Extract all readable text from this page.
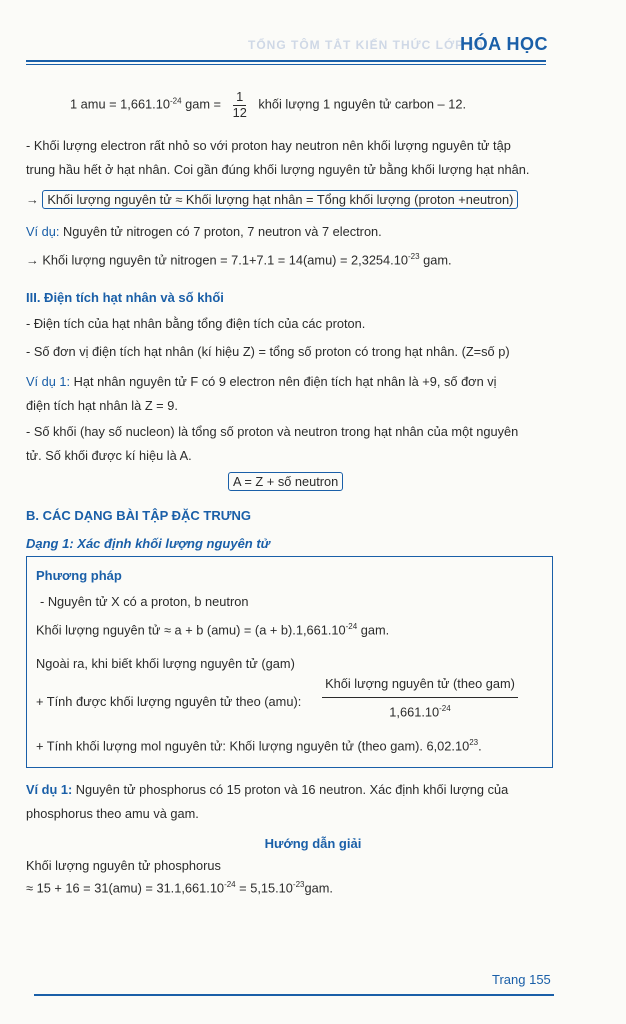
TỔNG TÔM TẮT KIẾN THỨC LỚP 10
HÓA HỌC
1 amu = $1,661.10^{-24}$ gam = $\frac{1}{12}$ khối lượng 1 nguyên tử carbon – 12.
- Khối lượng electron rất nhỏ so với proton hay neutron nên khối lượng nguyên tử tập
trung hầu hết ở hạt nhân. Coi gần đúng khối lượng nguyên tử bằng khối lượng hạt nhân.
→ Khối lượng nguyên tử ≈ Khối lượng hạt nhân = Tổng khối lượng (proton +neutron)
Ví dụ: Nguyên tử nitrogen có 7 proton, 7 neutron và 7 electron.
→ Khối lượng nguyên tử nitrogen = $7.1+7.1 = 14(amu) = 2,3254.10^{-23}$ gam.
III. Điện tích hạt nhân và số khối
- Điện tích của hạt nhân bằng tổng điện tích của các proton.
- Số đơn vị điện tích hạt nhân (kí hiệu Z) = tổng số proton có trong hạt nhân. (Z=số p)
Ví dụ 1: Hạt nhân nguyên tử F có 9 electron nên điện tích hạt nhân là +9, số đơn vị
điện tích hạt nhân là Z = 9.
- Số khối (hay số nucleon) là tổng số proton và neutron trong hạt nhân của một nguyên
tử. Số khối được kí hiệu là A.
A = Z + số neutron
B. CÁC DẠNG BÀI TẬP ĐẶC TRƯNG
Dạng 1: Xác định khối lượng nguyên tử
Phương pháp
- Nguyên tử X có a proton, b neutron
Khối lượng nguyên tử ≈ a + b $(amu) = (a + b).1,661.10^{-24}$ gam.
Ngoài ra, khi biết khối lượng nguyên tử (gam)
+ Tính được khối lượng nguyên tử theo (amu):
Khối lượng nguyên tử (theo gam)
$1,661.10^{-24}$
+ Tính khối lượng mol nguyên tử: Khối lượng nguyên tử (theo gam). 6,02.10$^{23}$.
Ví dụ 1: Nguyên tử phosphorus có 15 proton và 16 neutron. Xác định khối lượng của
phosphorus theo amu và gam.
Hướng dẫn giải
Khối lượng nguyên tử phosphorus
≈ $15 + 16 = 31(amu) = 31.1,661.10^{-24} = 5,15.10^{-23}gam$.
Trang 155
